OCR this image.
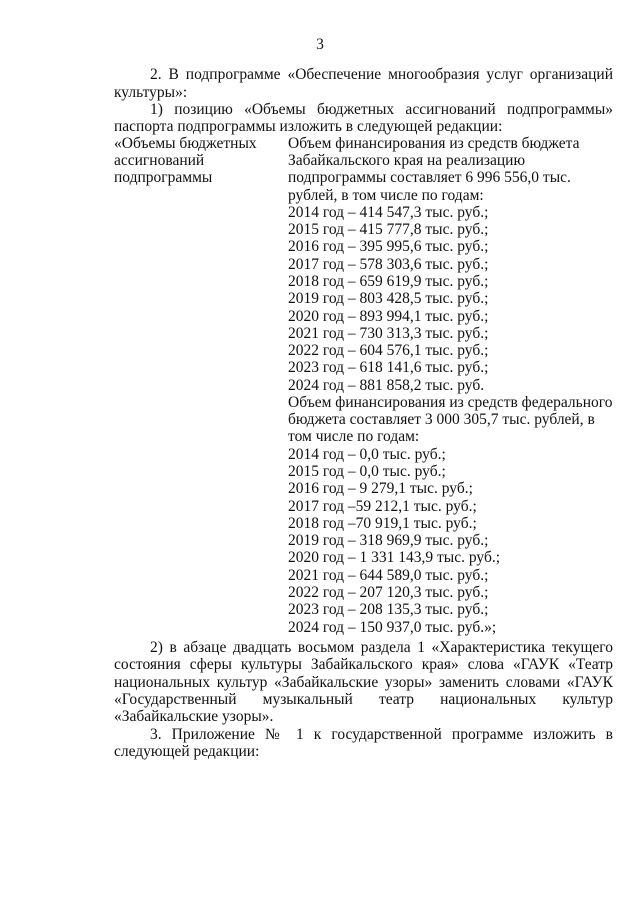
3
2. В подпрограмме «Обеспечение многообразия услуг организаций
культуры»:
1) позицию «Объемы бюджетных ассигнований подпрограммы»
паспорта подпрограммы изложить в следующей редакции:
«Объемы бюджетных
ассигнований
подпрограммы
Объем финансирования из средств бюджета
Забайкальского края на реализацию
подпрограммы составляет 6 996 556,0 тыс.
рублей, в том числе по годам:
2014 год – 414 547,3 тыс. руб.;
2015 год – 415 777,8 тыс. руб.;
2016 год – 395 995,6 тыс. руб.;
2017 год – 578 303,6 тыс. руб.;
2018 год – 659 619,9 тыс. руб.;
2019 год – 803 428,5 тыс. руб.;
2020 год – 893 994,1 тыс. руб.;
2021 год – 730 313,3 тыс. руб.;
2022 год – 604 576,1 тыс. руб.;
2023 год – 618 141,6 тыс. руб.;
2024 год – 881 858,2 тыс. руб.
Объем финансирования из средств федерального
бюджета составляет 3 000 305,7 тыс. рублей, в
том числе по годам:
2014 год – 0,0 тыс. руб.;
2015 год – 0,0 тыс. руб.;
2016 год – 9 279,1 тыс. руб.;
2017 год –59 212,1 тыс. руб.;
2018 год –70 919,1 тыс. руб.;
2019 год – 318 969,9 тыс. руб.;
2020 год – 1 331 143,9 тыс. руб.;
2021 год – 644 589,0 тыс. руб.;
2022 год – 207 120,3 тыс. руб.;
2023 год – 208 135,3 тыс. руб.;
2024 год – 150 937,0 тыс. руб.»;
2) в абзаце двадцать восьмом раздела 1 «Характеристика текущего
состояния сферы культуры Забайкальского края» слова «ГАУК «Театр
национальных культур «Забайкальские узоры» заменить словами «ГАУК
«Государственный музыкальный театр национальных культур
«Забайкальские узоры».
3. Приложение № 1 к государственной программе изложить в
следующей редакции:
